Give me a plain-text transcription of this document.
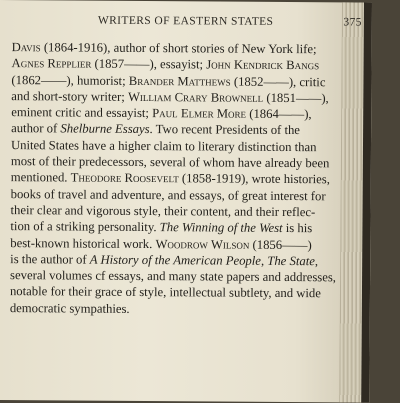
WRITERS OF EASTERN STATES	375
Davis (1864-1916), author of short stories of New York life;
Agnes Repplier (1857——), essayist; John Kendrick Bangs
(1862——), humorist; Brander Matthews (1852——), critic
and short-story writer; William Crary Brownell (1851——),
eminent critic and essayist; Paul Elmer More (1864——),
author of Shelburne Essays. Two recent Presidents of the
United States have a higher claim to literary distinction than
most of their predecessors, several of whom have already been
mentioned. Theodore Roosevelt (1858-1919), wrote histories,
books of travel and adventure, and essays, of great interest for
their clear and vigorous style, their content, and their reflec-
tion of a striking personality. The Winning of the West is his
best-known historical work. Woodrow Wilson (1856——)
is the author of A History of the American People, The State,
several volumes cf essays, and many state papers and addresses,
notable for their grace of style, intellectual subtlety, and wide
democratic sympathies.
